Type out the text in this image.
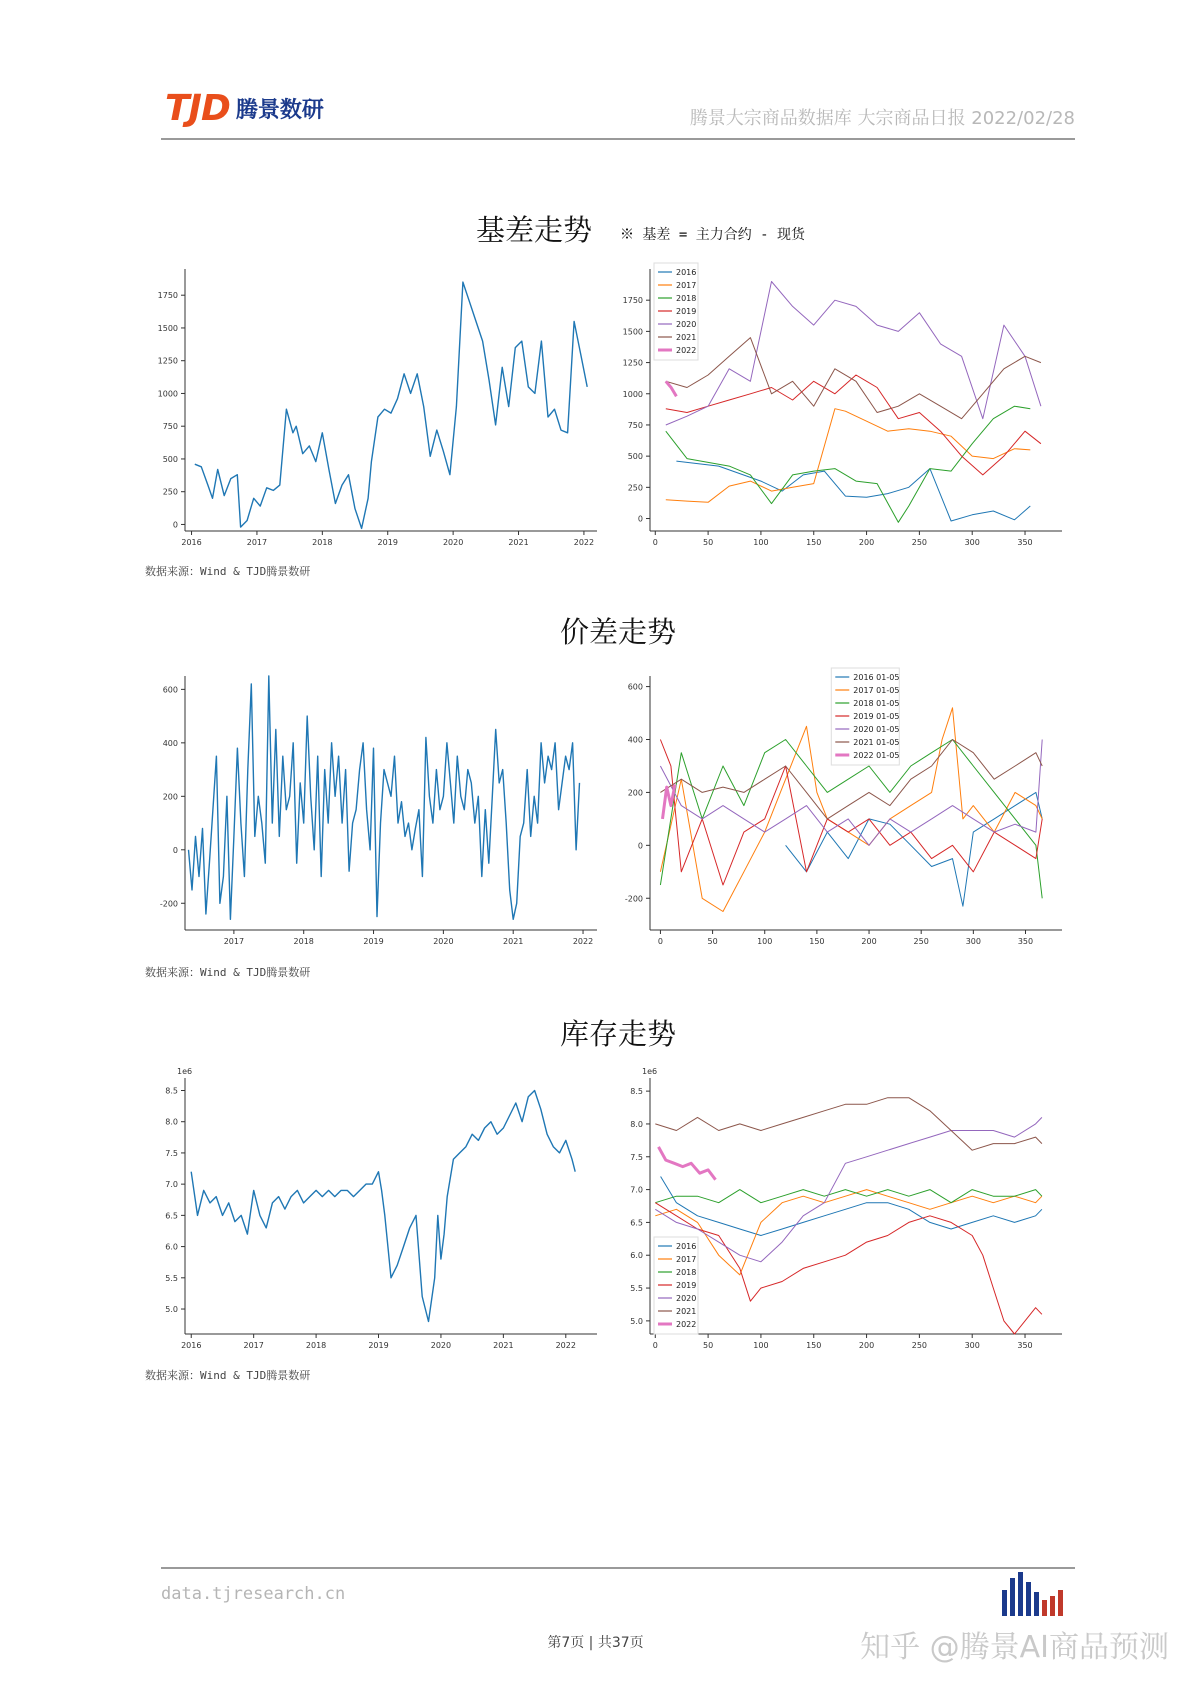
TJD 腾景数研	腾景大宗商品数据库 大宗商品日报 2022/02/28
基差走势 ※ 基差 = 主力合约 - 现货
0
250
500
750
1000
1250
1500
1750
2016	2017	2018	2019	2020	2021	2022
0
250
500
750
1000
1250
1500
1750
0	50	100	150	200	250	300	350
2016
2017
2018
2019
2020
2021
2022
数据来源：Wind & TJD腾景数研
价差走势
-200
0
200
400
600
2017	2018	2019	2020	2021	2022
-200
0
200
400
600
0	50	100	150	200	250	300	350
2016 01-05
2017 01-05
2018 01-05
2019 01-05
2020 01-05
2021 01-05
2022 01-05
数据来源：Wind & TJD腾景数研
库存走势
5.0
5.5
6.0
6.5
7.0
7.5
8.0
8.5
2016	2017	2018	2019	2020	2021	2022
1e6
5.0
5.5
6.0
6.5
7.0
7.5
8.0
8.5
0	50	100	150	200	250	300	350
1e6
2016
2017
2018
2019
2020
2021
2022
数据来源：Wind & TJD腾景数研
data.tjresearch.cn
第7页 | 共37页	知乎 @腾景AI商品预测
